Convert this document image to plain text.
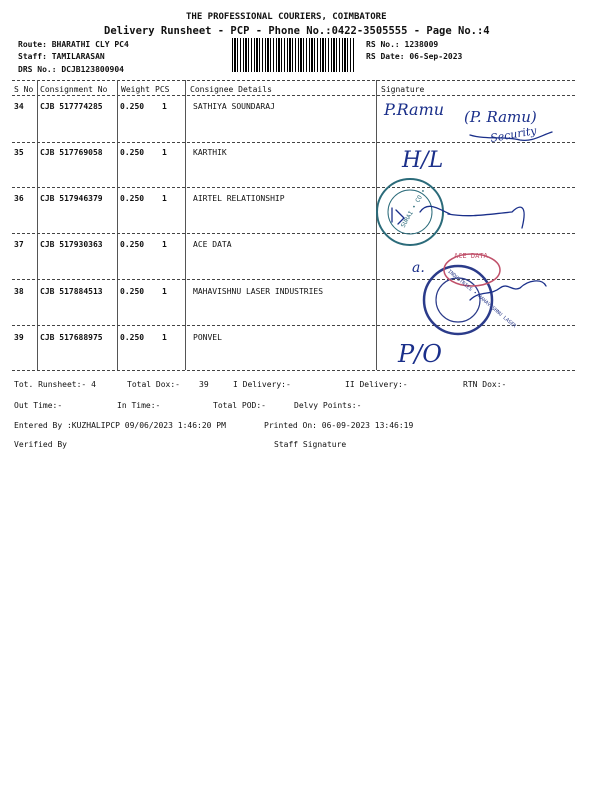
THE PROFESSIONAL COURIERS, COIMBATORE
Delivery Runsheet - PCP - Phone No.:0422-3505555 - Page No.:4
Route: BHARATHI CLY PC4
Staff: TAMILARASAN
DRS No.: DCJB123800904
RS No.: 1238009
RS Date: 06-Sep-2023
S No Consignment No Weight PCS	Consignee Details	Signature
34 CJB 517774285 0.250 1	SATHIYA SOUNDARAJ
35 CJB 517769058 0.250 1	KARTHIK
36 CJB 517946379 0.250 1	AIRTEL RELATIONSHIP
37 CJB 517930363 0.250 1	ACE DATA
38 CJB 517884513 0.250 1	MAHAVISHNU LASER INDUSTRIES
39 CJB 517688975 0.250 1	PONVEL
P.Ramu (P. Ramu)
Security
H/L
a.
P/O
SURAI • CO •
ACE DATA
INDUSTRIES • MAHAVISHNU LASER
Tot. Runsheet:- 4	Total Dox:- 39	I Delivery:-	II Delivery:-	RTN Dox:-
Out Time:-	In Time:-	Total POD:-	Delvy Points:-
Entered By :KUZHALIPCP 09/06/2023 1:46:20 PM	Printed On: 06-09-2023 13:46:19
Verified By	Staff Signature
